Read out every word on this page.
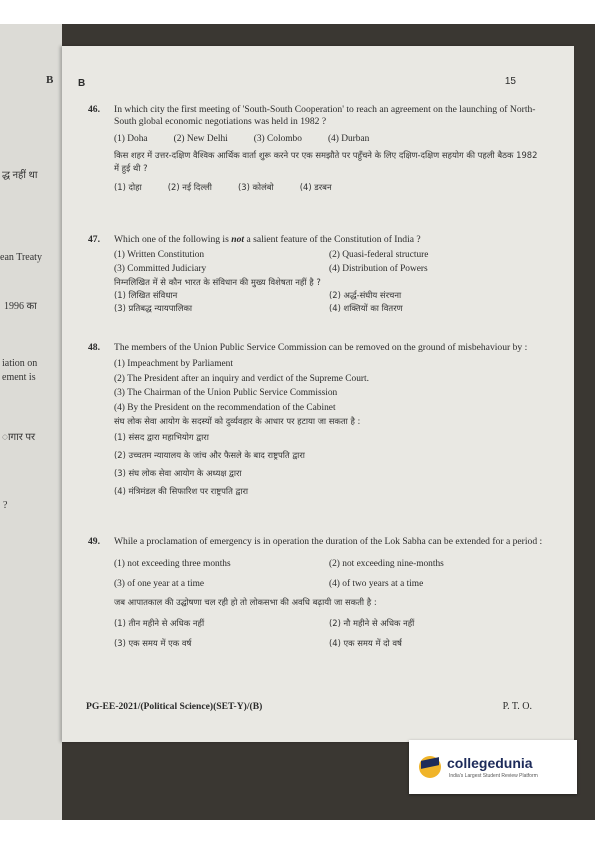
B
द्ध नहीं था
ean Treaty
1996 का
iation on
ement is
ागार पर
?
B	15
46. In which city the first meeting of 'South-South Cooperation' to reach an agreement on the launching of North-South global economic negotiations was held in 1982 ?
(1) Doha	(2) New Delhi	(3) Colombo	(4) Durban
किस शहर में उत्तर-दक्षिण वैश्विक आर्थिक वार्ता शुरू करने पर एक समझौते पर पहुँचने के लिए दक्षिण-दक्षिण सहयोग की पहली बैठक 1982 में हुई थी ?
(1) दोहा	(2) नई दिल्ली	(3) कोलंबो	(4) डरबन
47. Which one of the following is not a salient feature of the Constitution of India ?
(1) Written Constitution	(2) Quasi-federal structure
(3) Committed Judiciary	(4) Distribution of Powers
निम्नलिखित में से कौन भारत के संविधान की मुख्य विशेषता नहीं है ?
(1) लिखित संविधान	(2) अर्द्ध-संघीय संरचना
(3) प्रतिबद्ध न्यायपालिका	(4) शक्तियों का वितरण
48. The members of the Union Public Service Commission can be removed on the ground of misbehaviour by :
(1) Impeachment by Parliament
(2) The President after an inquiry and verdict of the Supreme Court.
(3) The Chairman of the Union Public Service Commission
(4) By the President on the recommendation of the Cabinet
संघ लोक सेवा आयोग के सदस्यों को दुर्व्यवहार के आधार पर हटाया जा सकता है :
(1) संसद द्वारा महाभियोग द्वारा
(2) उच्चतम न्यायालय के जांच और फैसले के बाद राष्ट्रपति द्वारा
(3) संघ लोक सेवा आयोग के अध्यक्ष द्वारा
(4) मंत्रिमंडल की सिफारिश पर राष्ट्रपति द्वारा
49. While a proclamation of emergency is in operation the duration of the Lok Sabha can be extended for a period :
(1) not exceeding three months	(2) not exceeding nine-months
(3) of one year at a time	(4) of two years at a time
जब आपातकाल की उद्घोषणा चल रही हो तो लोकसभा की अवधि बढ़ायी जा सकती है :
(1) तीन महीने से अधिक नहीं	(2) नौ महीने से अधिक नहीं
(3) एक समय में एक वर्ष	(4) एक समय में दो वर्ष
PG-EE-2021/(Political Science)(SET-Y)/(B)	P. T. O.
collegedunia
India's Largest Student Review Platform
